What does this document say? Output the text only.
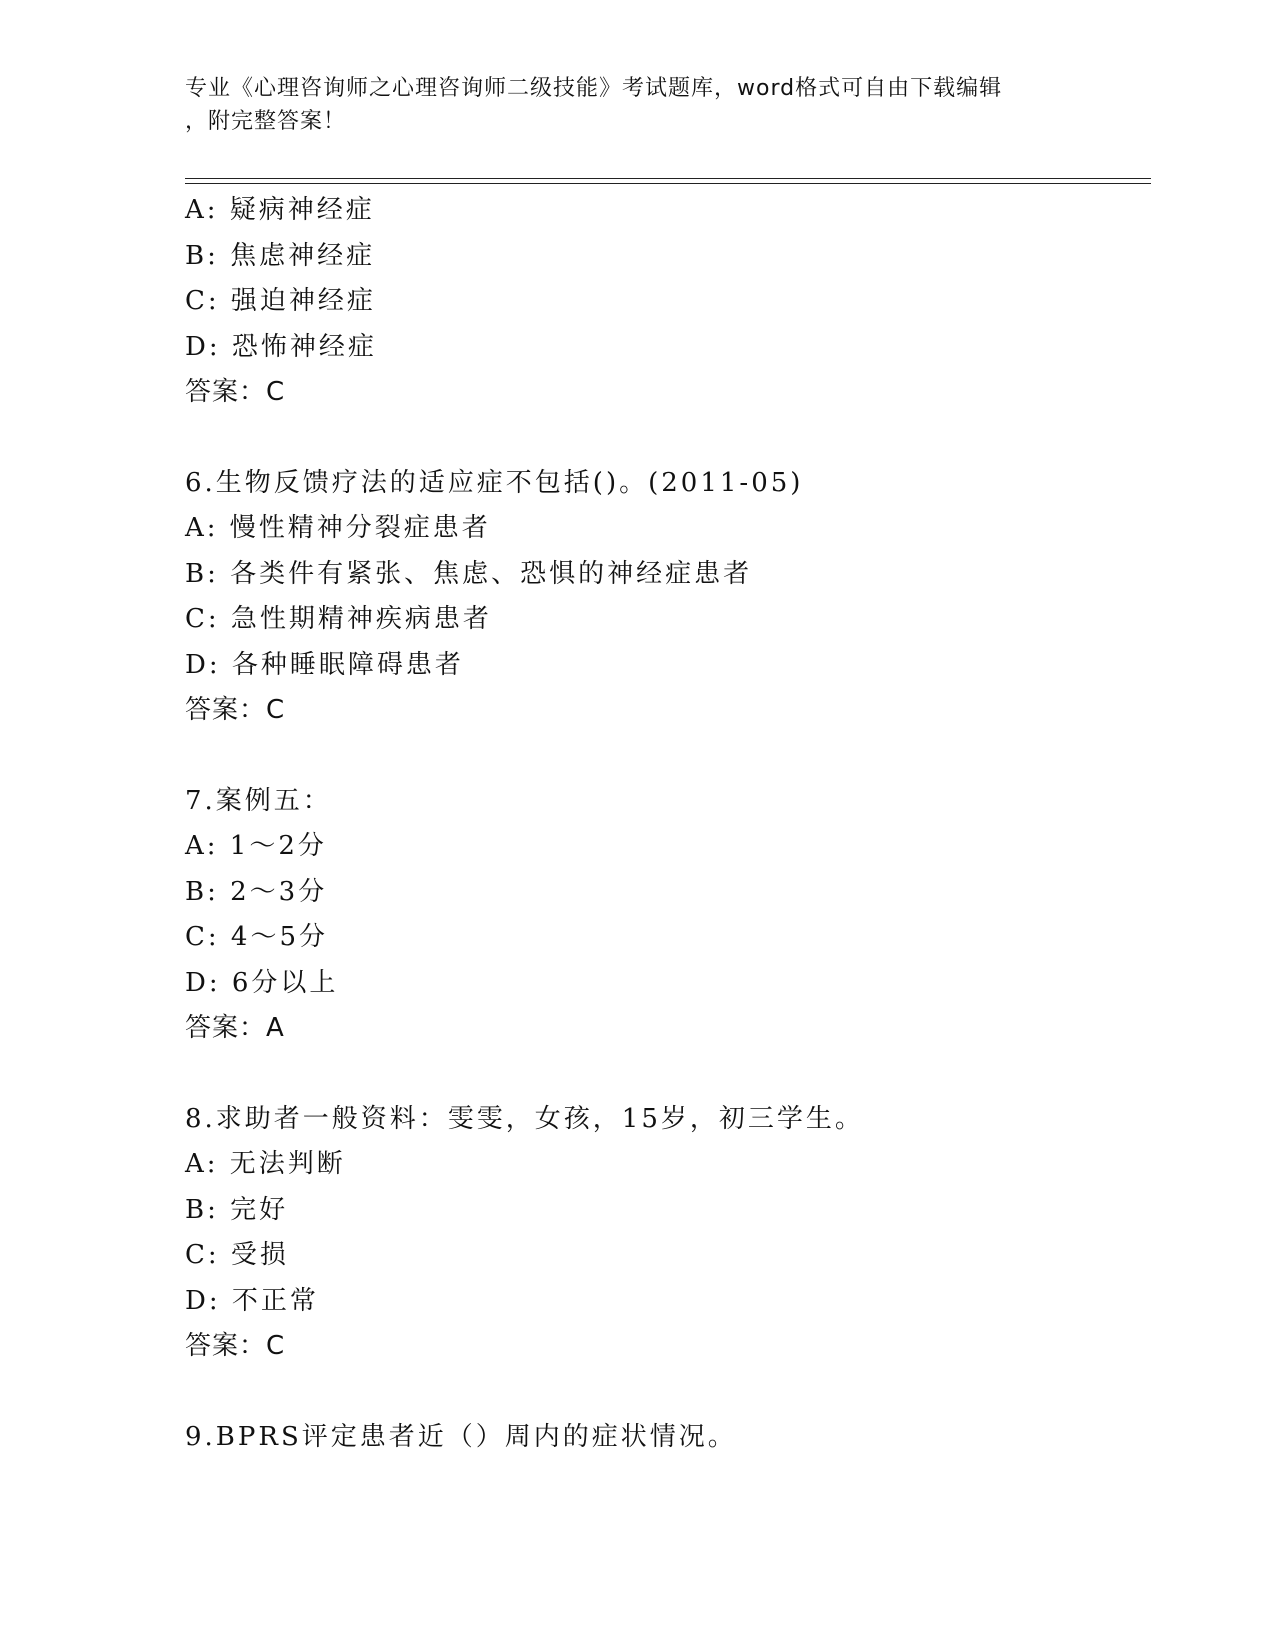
专业《心理咨询师之心理咨询师二级技能》考试题库，word格式可自由下载编辑
，附完整答案！
A: 疑病神经症
B: 焦虑神经症
C: 强迫神经症
D: 恐怖神经症
答案：C
6.生物反馈疗法的适应症不包括()。(2011-05)
A: 慢性精神分裂症患者
B: 各类件有紧张、焦虑、恐惧的神经症患者
C: 急性期精神疾病患者
D: 各种睡眠障碍患者
答案：C
7.案例五：
A: 1～2分
B: 2～3分
C: 4～5分
D: 6分以上
答案：A
8.求助者一般资料：雯雯，女孩，15岁，初三学生。
A: 无法判断
B: 完好
C: 受损
D: 不正常
答案：C
9.BPRS评定患者近（）周内的症状情况。
